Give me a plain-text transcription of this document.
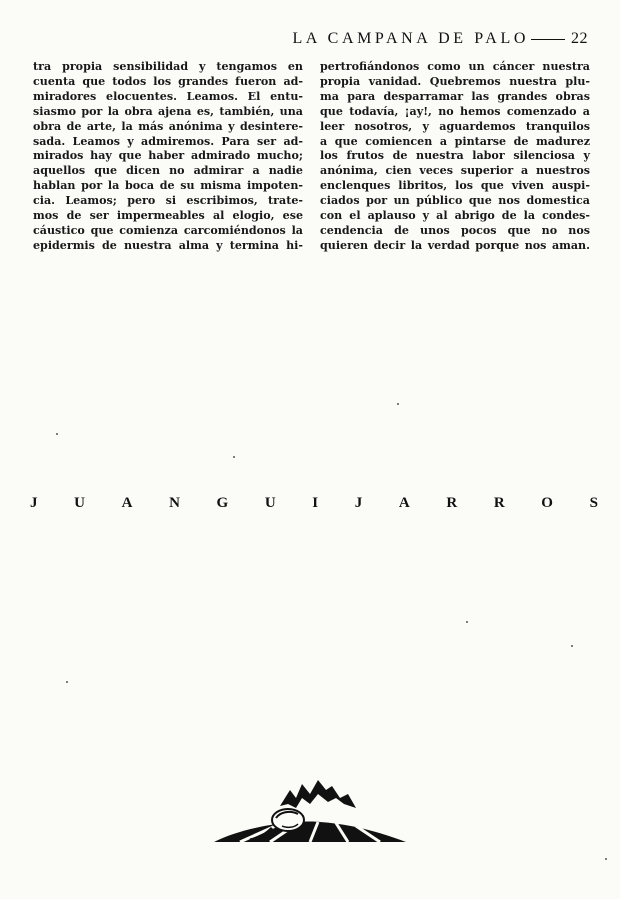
LA CAMPANA DE PALO	22
tra propia sensibilidad y tengamos en
cuenta que todos los grandes fueron ad-
miradores elocuentes. Leamos. El entu-
siasmo por la obra ajena es, también, una
obra de arte, la más anónima y desintere-
sada. Leamos y admiremos. Para ser ad-
mirados hay que haber admirado mucho;
aquellos que dicen no admirar a nadie
hablan por la boca de su misma impoten-
cia. Leamos; pero si escribimos, trate-
mos de ser impermeables al elogio, ese
cáustico que comienza carcomiéndonos la
epidermis de nuestra alma y termina hi-
pertrofiándonos como un cáncer nuestra
propia vanidad. Quebremos nuestra plu-
ma para desparramar las grandes obras
que todavía, ¡ay!, no hemos comenzado a
leer nosotros, y aguardemos tranquilos
a que comiencen a pintarse de madurez
los frutos de nuestra labor silenciosa y
anónima, cien veces superior a nuestros
enclenques libritos, los que viven auspi-
ciados por un público que nos domestica
con el aplauso y al abrigo de la condes-
cendencia de unos pocos que no nos
quieren decir la verdad porque nos aman.
J U A N G U I J A R R O S
